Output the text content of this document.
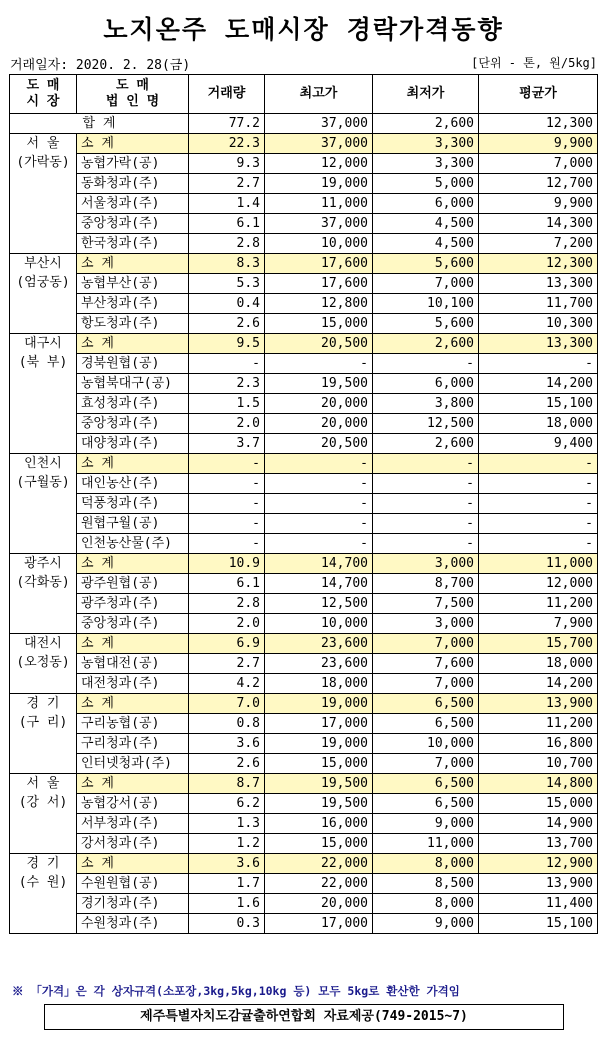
노지온주 도매시장 경락가격동향
거래일자: 2020. 2. 28(금)	[단위 - 톤, 원/5kg]
도 매
시 장	도 매
법 인 명	거래량	최고가	최저가	평균가
합 계		77.2	37,000	2,600	12,300
서 울
(가락동)	소 계	22.3	37,000	3,300	9,900
	농협가락(공)	9.3	12,000	3,300	7,000
	동화청과(주)	2.7	19,000	5,000	12,700
	서울청과(주)	1.4	11,000	6,000	9,900
	중앙청과(주)	6.1	37,000	4,500	14,300
	한국청과(주)	2.8	10,000	4,500	7,200
부산시
(엄궁동)	소 계	8.3	17,600	5,600	12,300
	농협부산(공)	5.3	17,600	7,000	13,300
	부산청과(주)	0.4	12,800	10,100	11,700
	항도청과(주)	2.6	15,000	5,600	10,300
대구시
(북 부)	소 계	9.5	20,500	2,600	13,300
	경북원협(공)	-	-	-	-
	농협북대구(공)	2.3	19,500	6,000	14,200
	효성청과(주)	1.5	20,000	3,800	15,100
	중앙청과(주)	2.0	20,000	12,500	18,000
	대양청과(주)	3.7	20,500	2,600	9,400
인천시
(구월동)	소 계	-	-	-	-
	대인농산(주)	-	-	-	-
	덕풍청과(주)	-	-	-	-
	원협구월(공)	-	-	-	-
	인천농산물(주)	-	-	-	-
광주시
(각화동)	소 계	10.9	14,700	3,000	11,000
	광주원협(공)	6.1	14,700	8,700	12,000
	광주청과(주)	2.8	12,500	7,500	11,200
	중앙청과(주)	2.0	10,000	3,000	7,900
대전시
(오정동)	소 계	6.9	23,600	7,000	15,700
	농협대전(공)	2.7	23,600	7,600	18,000
	대전청과(주)	4.2	18,000	7,000	14,200
경 기
(구 리)	소 계	7.0	19,000	6,500	13,900
	구리농협(공)	0.8	17,000	6,500	11,200
	구리청과(주)	3.6	19,000	10,000	16,800
	인터넷청과(주)	2.6	15,000	7,000	10,700
서 울
(강 서)	소 계	8.7	19,500	6,500	14,800
	농협강서(공)	6.2	19,500	6,500	15,000
	서부청과(주)	1.3	16,000	9,000	14,900
	강서청과(주)	1.2	15,000	11,000	13,700
경 기
(수 원)	소 계	3.6	22,000	8,000	12,900
	수원원협(공)	1.7	22,000	8,500	13,900
	경기청과(주)	1.6	20,000	8,000	11,400
	수원청과(주)	0.3	17,000	9,000	15,100
※ 「가격」은 각 상자규격(소포장,3kg,5kg,10kg 등) 모두 5kg로 환산한 가격임
제주특별자치도감귤출하연합회 자료제공(749-2015~7)
